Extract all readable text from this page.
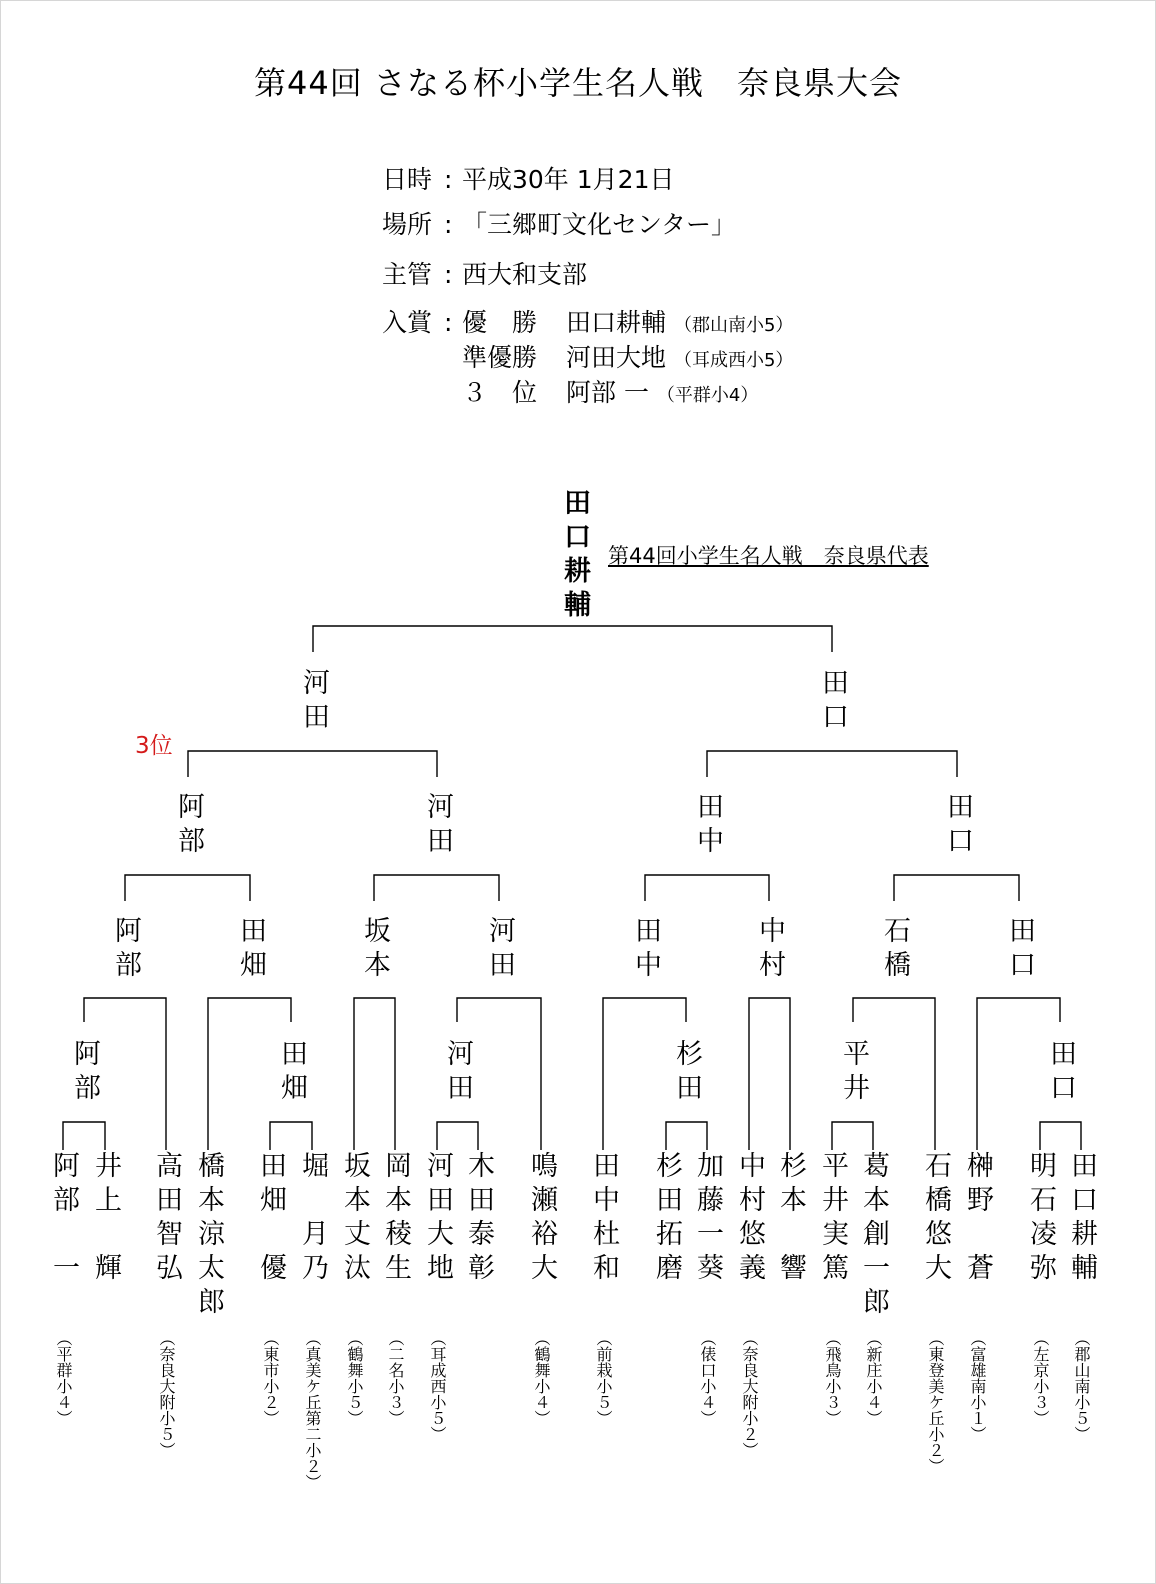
第44回 さなる杯小学生名人戦　奈良県大会
日時 : 平成30年 1月21日
場所 : 「三郷町文化センター」
主管 : 西大和支部
入賞 : 優　勝 田口耕輔 （郡山南小5）
準優勝 河田大地 （耳成西小5）
３　位 阿部 一 （平群小4）
田口耕輔 第44回小学生名人戦　奈良県代表
3位
河田	田口
阿部	河田	田中	田口
阿部	田畑	坂本	河田	田中	中村	石橋	田口
阿部	田畑	河田	杉田	平井	田口
阿部　一 井上　輝 高田智弘 橋本涼太郎 田畑　優 堀　月乃 坂本丈汰 岡本稜生 河田大地 木田泰彰 鳴瀬裕大 田中杜和 杉田拓磨 加藤一葵 中村悠義 杉本　響 平井実篤 葛本創一郎 石橋悠大 榊野　蒼 明石凌弥 田口耕輔
（平群小４）	（奈良大附小５）	（東市小２） （真美ケ丘第二小２） （鶴舞小５） （二名小３） （耳成西小５）	（鶴舞小４）	（前栽小５）	（俵口小４） （奈良大附小２）	（飛鳥小３） （新庄小４）	（東登美ケ丘小２） （富雄南小１）	（左京小３） （郡山南小５）
